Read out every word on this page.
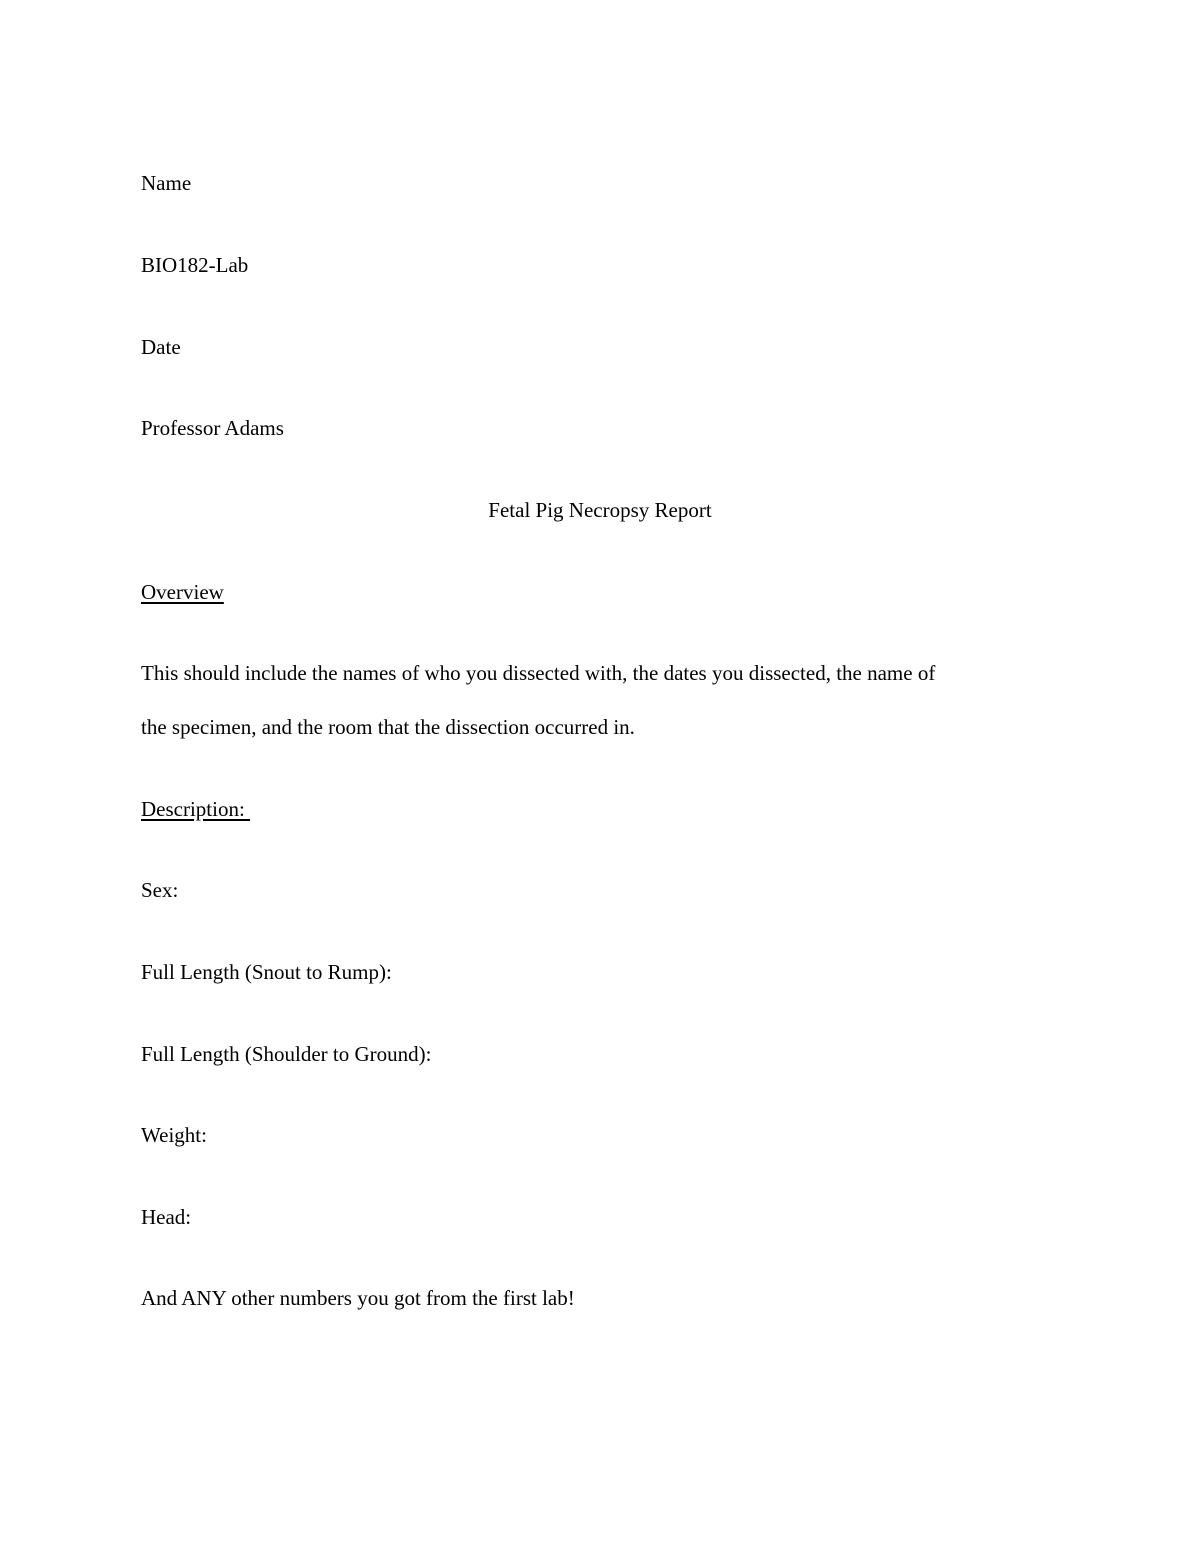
Name
BIO182-Lab
Date
Professor Adams
Fetal Pig Necropsy Report
Overview
This should include the names of who you dissected with, the dates you dissected, the name of
the specimen, and the room that the dissection occurred in.
Description:
Sex:
Full Length (Snout to Rump):
Full Length (Shoulder to Ground):
Weight:
Head:
And ANY other numbers you got from the first lab!
